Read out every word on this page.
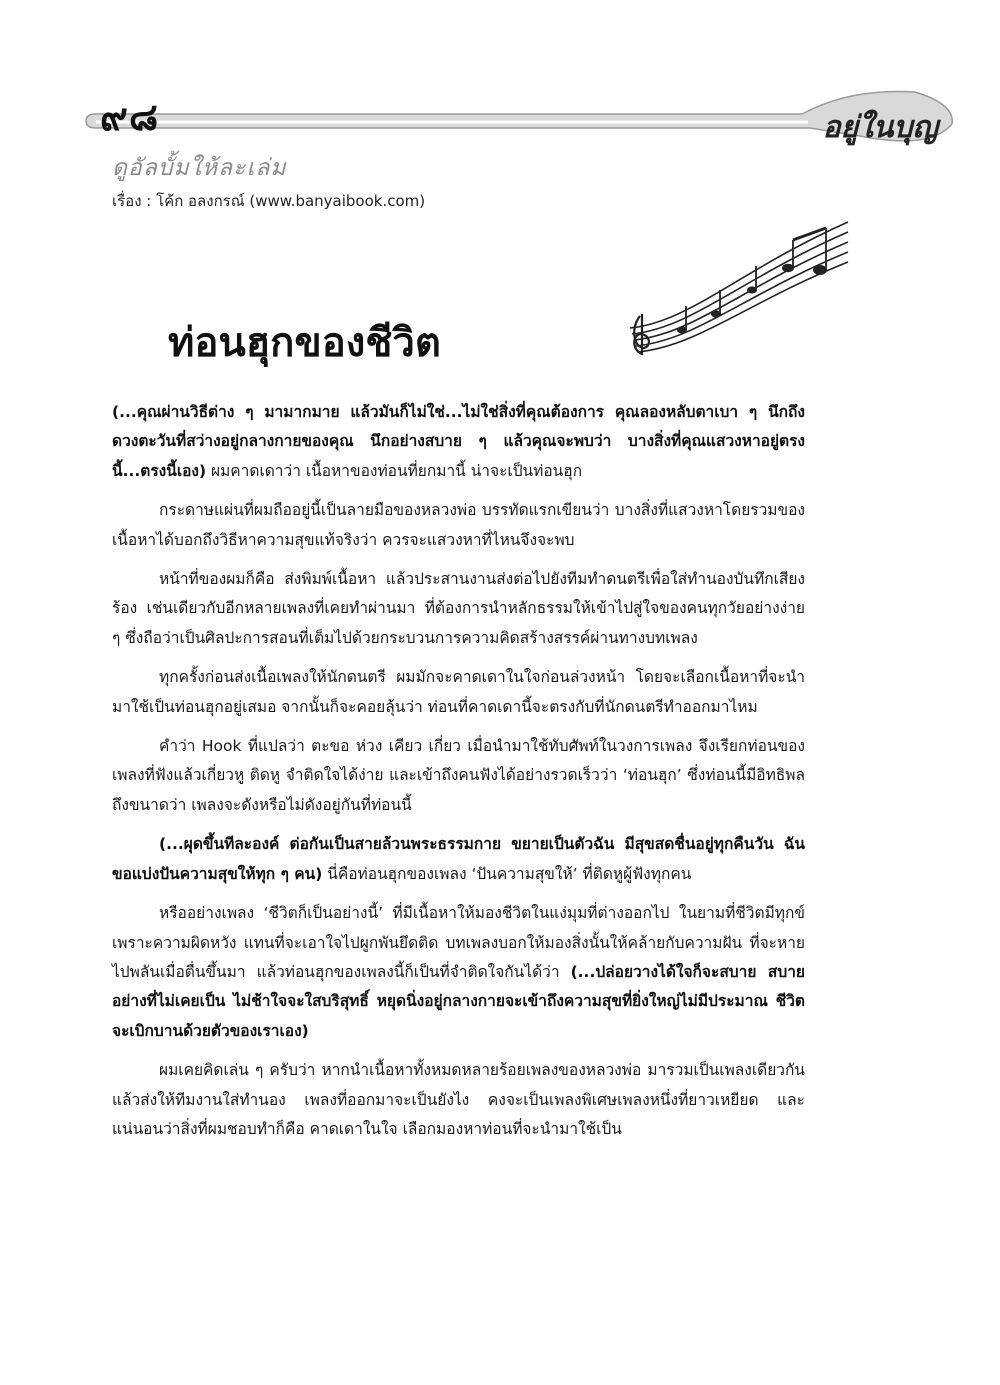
๙๘	อยู่ในบุญ
ดูอัลบั้มให้ละเล่ม
เรื่อง : โค้ก อลงกรณ์ (www.banyaibook.com)
ท่อนฮุกของชีวิต

(...คุณผ่านวิธีต่าง ๆ มามากมาย แล้วมันก็ไม่ใช่...ไม่ใช่สิ่งที่คุณต้องการ คุณลองหลับตาเบา ๆ นึกถึงดวงตะวันที่สว่างอยู่กลางกายของคุณ นึกอย่างสบาย ๆ แล้วคุณจะพบว่า บางสิ่งที่คุณแสวงหาอยู่ตรงนี้...ตรงนี้เอง) ผมคาดเดาว่า เนื้อหาของท่อนที่ยกมานี้ น่าจะเป็นท่อนฮุก

กระดาษแผ่นที่ผมถืออยู่นี้เป็นลายมือของหลวงพ่อ บรรทัดแรกเขียนว่า บางสิ่งที่แสวงหาโดยรวมของเนื้อหาได้บอกถึงวิธีหาความสุขแท้จริงว่า ควรจะแสวงหาที่ไหนจึงจะพบ

หน้าที่ของผมก็คือ ส่งพิมพ์เนื้อหา แล้วประสานงานส่งต่อไปยังทีมทำดนตรีเพื่อใส่ทำนองบันทึกเสียงร้อง เช่นเดียวกับอีกหลายเพลงที่เคยทำผ่านมา ที่ต้องการนำหลักธรรมให้เข้าไปสู่ใจของคนทุกวัยอย่างง่าย ๆ ซึ่งถือว่าเป็นศิลปะการสอนที่เต็มไปด้วยกระบวนการความคิดสร้างสรรค์ผ่านทางบทเพลง

ทุกครั้งก่อนส่งเนื้อเพลงให้นักดนตรี ผมมักจะคาดเดาในใจก่อนล่วงหน้า โดยจะเลือกเนื้อหาที่จะนำมาใช้เป็นท่อนฮุกอยู่เสมอ จากนั้นก็จะคอยลุ้นว่า ท่อนที่คาดเดานี้จะตรงกับที่นักดนตรีทำออกมาไหม

คำว่า Hook ที่แปลว่า ตะขอ ห่วง เคียว เกี่ยว เมื่อนำมาใช้ทับศัพท์ในวงการเพลง จึงเรียกท่อนของเพลงที่ฟังแล้วเกี่ยวหู ติดหู จำติดใจได้ง่าย และเข้าถึงคนฟังได้อย่างรวดเร็วว่า ‘ท่อนฮุก’ ซึ่งท่อนนี้มีอิทธิพลถึงขนาดว่า เพลงจะดังหรือไม่ดังอยู่กันที่ท่อนนี้

(...ผุดขึ้นทีละองค์ ต่อกันเป็นสายล้วนพระธรรมกาย ขยายเป็นตัวฉัน มีสุขสดชื่นอยู่ทุกคืนวัน ฉันขอแบ่งปันความสุขให้ทุก ๆ คน) นี่คือท่อนฮุกของเพลง ‘ปันความสุขให้’ ที่ติดหูผู้ฟังทุกคน

หรืออย่างเพลง ‘ชีวิตก็เป็นอย่างนี้’ ที่มีเนื้อหาให้มองชีวิตในแง่มุมที่ต่างออกไป ในยามที่ชีวิตมีทุกข์เพราะความผิดหวัง แทนที่จะเอาใจไปผูกพันยึดติด บทเพลงบอกให้มองสิ่งนั้นให้คล้ายกับความฝัน ที่จะหายไปพลันเมื่อตื่นขึ้นมา แล้วท่อนฮุกของเพลงนี้ก็เป็นที่จำติดใจกันได้ว่า (...ปล่อยวางได้ใจก็จะสบาย สบายอย่างที่ไม่เคยเป็น ไม่ช้าใจจะใสบริสุทธิ์ หยุดนิ่งอยู่กลางกายจะเข้าถึงความสุขที่ยิ่งใหญ่ไม่มีประมาณ ชีวิตจะเบิกบานด้วยตัวของเราเอง)

ผมเคยคิดเล่น ๆ ครับว่า หากนำเนื้อหาทั้งหมดหลายร้อยเพลงของหลวงพ่อ มารวมเป็นเพลงเดียวกัน แล้วส่งให้ทีมงานใส่ทำนอง เพลงที่ออกมาจะเป็นยังไง คงจะเป็นเพลงพิเศษเพลงหนึ่งที่ยาวเหยียด และแน่นอนว่าสิ่งที่ผมชอบทำก็คือ คาดเดาในใจ เลือกมองหาท่อนที่จะนำมาใช้เป็น
